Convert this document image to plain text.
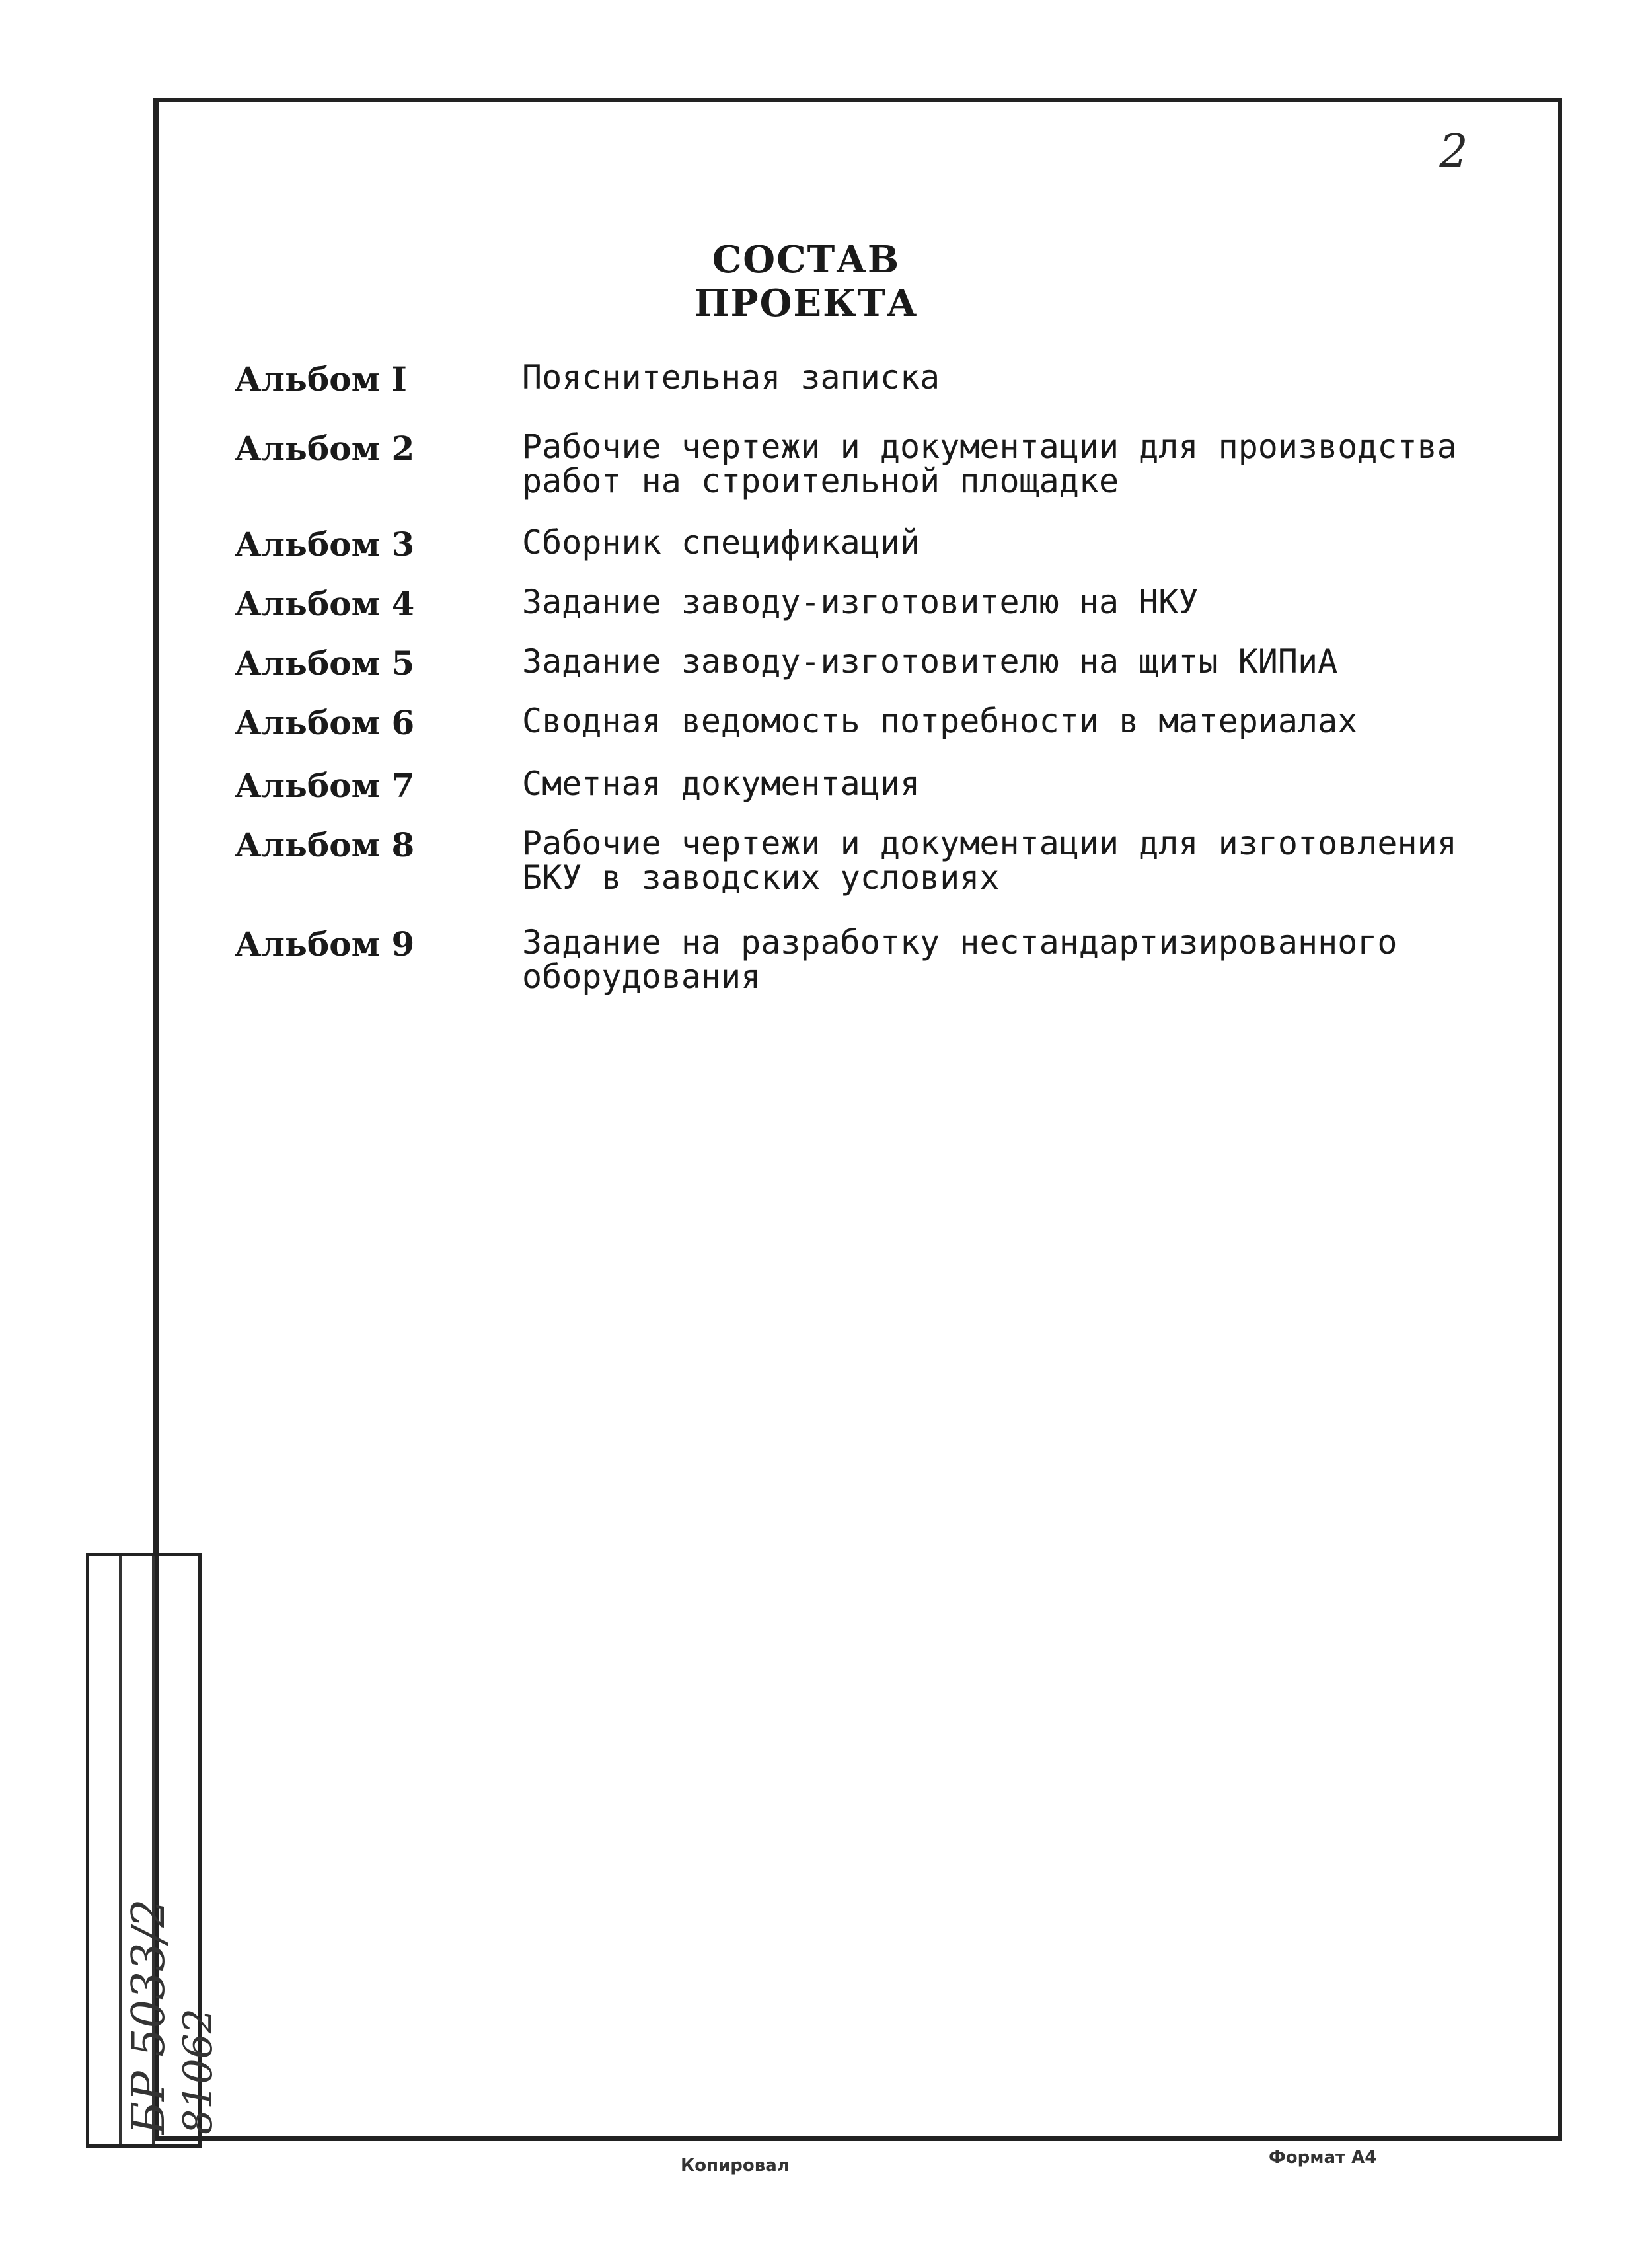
2
СОСТАВ ПРОЕКТА
Альбом I	Пояснительная записка
Альбом 2	Рабочие чертежи и документации для производства
работ на строительной площадке
Альбом 3	Сборник спецификаций
Альбом 4	Задание заводу-изготовителю на НКУ
Альбом 5	Задание заводу-изготовителю на щиты КИПиА
Альбом 6	Сводная ведомость потребности в материалах
Альбом 7	Сметная документация
Альбом 8	Рабочие чертежи и документации для изготовления
БКУ в заводских условиях
Альбом 9	Задание на разработку нестандартизированного
оборудования
БР 5033/2 81062
Копировал	Формат А4
